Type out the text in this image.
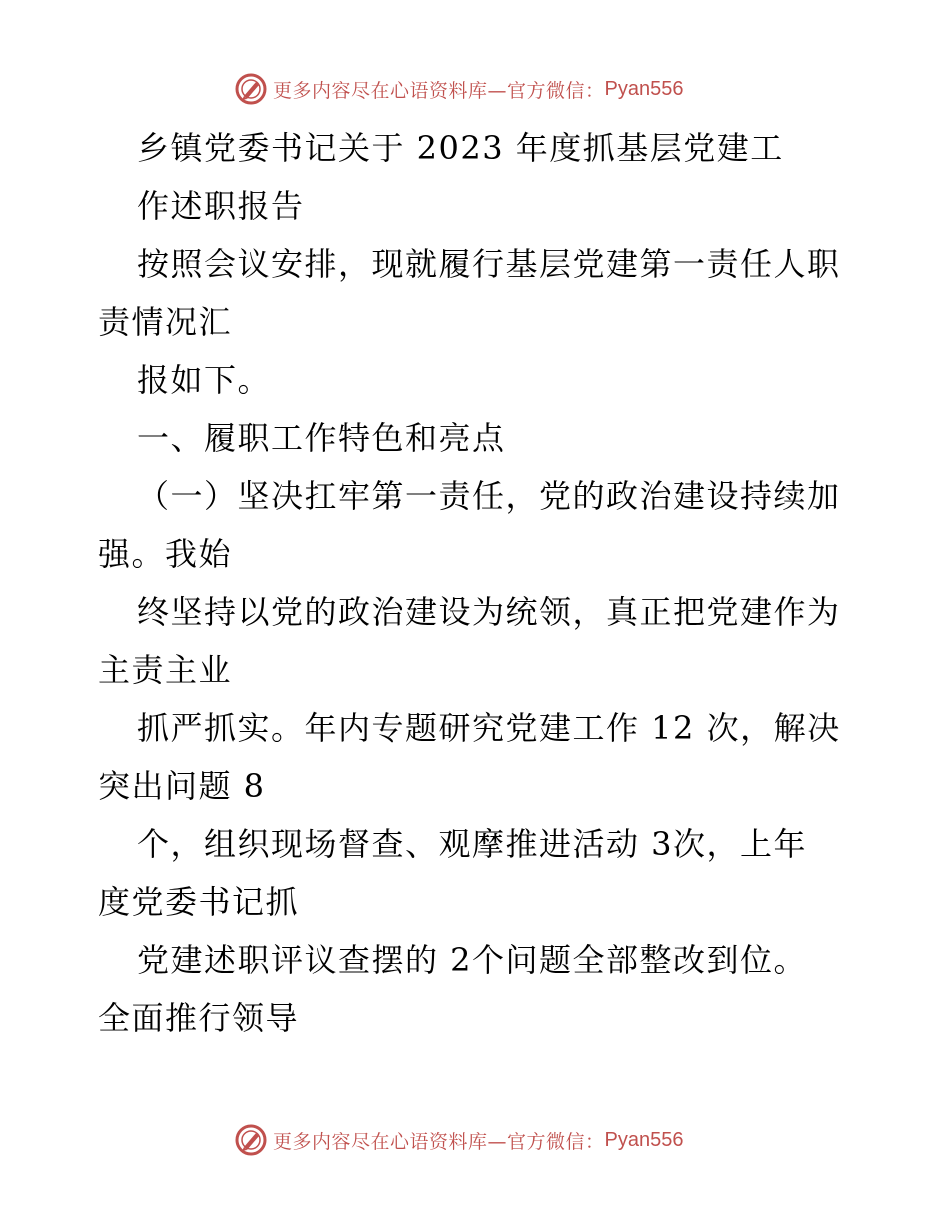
更多内容尽在心语资料库—官方微信： Pyan556
乡镇党委书记关于 2023 年度抓基层党建工
作述职报告
按照会议安排，现就履行基层党建第一责任人职
责情况汇
报如下。
一、履职工作特色和亮点
（一）坚决扛牢第一责任，党的政治建设持续加
强。我始
终坚持以党的政治建设为统领，真正把党建作为
主责主业
抓严抓实。年内专题研究党建工作 12 次，解决
突出问题 8
个，组织现场督查、观摩推进活动 3次，上年
度党委书记抓
党建述职评议查摆的 2个问题全部整改到位。
全面推行领导
更多内容尽在心语资料库—官方微信： Pyan556
